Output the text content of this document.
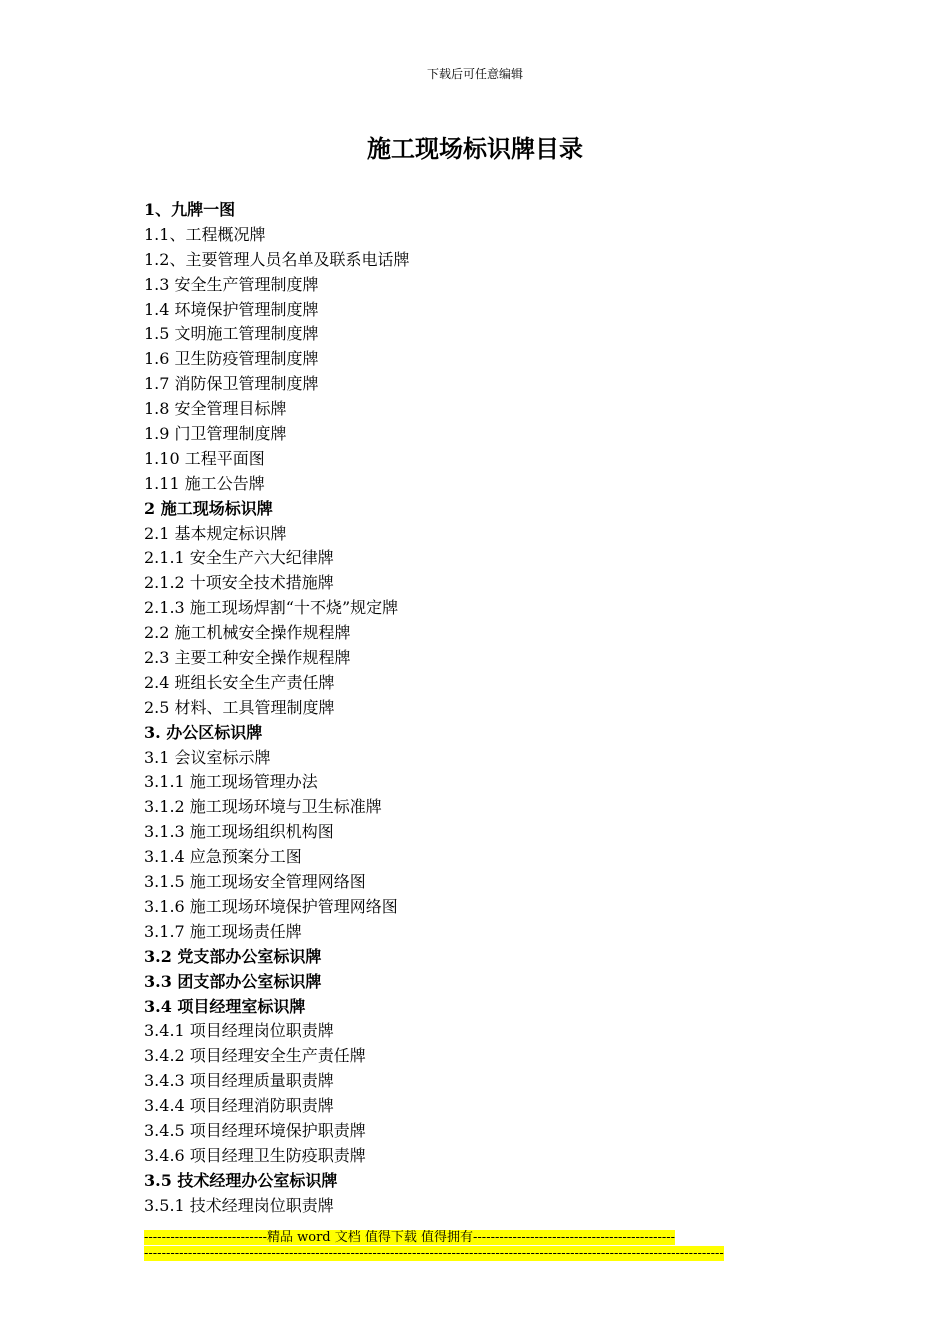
下载后可任意编辑
施工现场标识牌目录
1、九牌一图
1.1、工程概况牌
1.2、主要管理人员名单及联系电话牌
1.3 安全生产管理制度牌
1.4 环境保护管理制度牌
1.5 文明施工管理制度牌
1.6 卫生防疫管理制度牌
1.7 消防保卫管理制度牌
1.8 安全管理目标牌
1.9 门卫管理制度牌
1.10 工程平面图
1.11 施工公告牌
2 施工现场标识牌
2.1 基本规定标识牌
2.1.1 安全生产六大纪律牌
2.1.2 十项安全技术措施牌
2.1.3 施工现场焊割“十不烧”规定牌
2.2 施工机械安全操作规程牌
2.3 主要工种安全操作规程牌
2.4 班组长安全生产责任牌
2.5 材料、工具管理制度牌
3. 办公区标识牌
3.1 会议室标示牌
3.1.1 施工现场管理办法
3.1.2 施工现场环境与卫生标准牌
3.1.3 施工现场组织机构图
3.1.4 应急预案分工图
3.1.5 施工现场安全管理网络图
3.1.6 施工现场环境保护管理网络图
3.1.7 施工现场责任牌
3.2 党支部办公室标识牌
3.3 团支部办公室标识牌
3.4 项目经理室标识牌
3.4.1 项目经理岗位职责牌
3.4.2 项目经理安全生产责任牌
3.4.3 项目经理质量职责牌
3.4.4 项目经理消防职责牌
3.4.5 项目经理环境保护职责牌
3.4.6 项目经理卫生防疫职责牌
3.5 技术经理办公室标识牌
3.5.1 技术经理岗位职责牌
----------------------------精品 word 文档 值得下载 值得拥有----------------------------------------------
------------------------------------------------------------------------------------------------------------------------------------
